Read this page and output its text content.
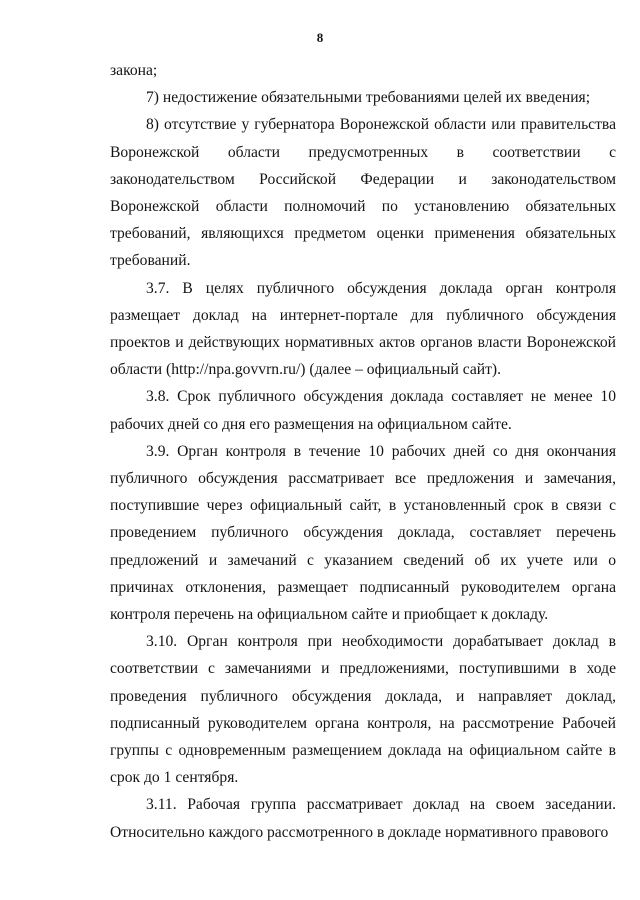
8

закона;

7) недостижение обязательными требованиями целей их введения;

8) отсутствие у губернатора Воронежской области или правительства Воронежской области предусмотренных в соответствии с законодательством Российской Федерации и законодательством Воронежской области полномочий по установлению обязательных требований, являющихся предметом оценки применения обязательных требований.

3.7. В целях публичного обсуждения доклада орган контроля размещает доклад на интернет-портале для публичного обсуждения проектов и действующих нормативных актов органов власти Воронежской области (http://npa.govvrn.ru/) (далее – официальный сайт).

3.8. Срок публичного обсуждения доклада составляет не менее 10 рабочих дней со дня его размещения на официальном сайте.

3.9. Орган контроля в течение 10 рабочих дней со дня окончания публичного обсуждения рассматривает все предложения и замечания, поступившие через официальный сайт, в установленный срок в связи с проведением публичного обсуждения доклада, составляет перечень предложений и замечаний с указанием сведений об их учете или о причинах отклонения, размещает подписанный руководителем органа контроля перечень на официальном сайте и приобщает к докладу.

3.10. Орган контроля при необходимости дорабатывает доклад в соответствии с замечаниями и предложениями, поступившими в ходе проведения публичного обсуждения доклада, и направляет доклад, подписанный руководителем органа контроля, на рассмотрение Рабочей группы с одновременным размещением доклада на официальном сайте в срок до 1 сентября.

3.11. Рабочая группа рассматривает доклад на своем заседании. Относительно каждого рассмотренного в докладе нормативного правового
